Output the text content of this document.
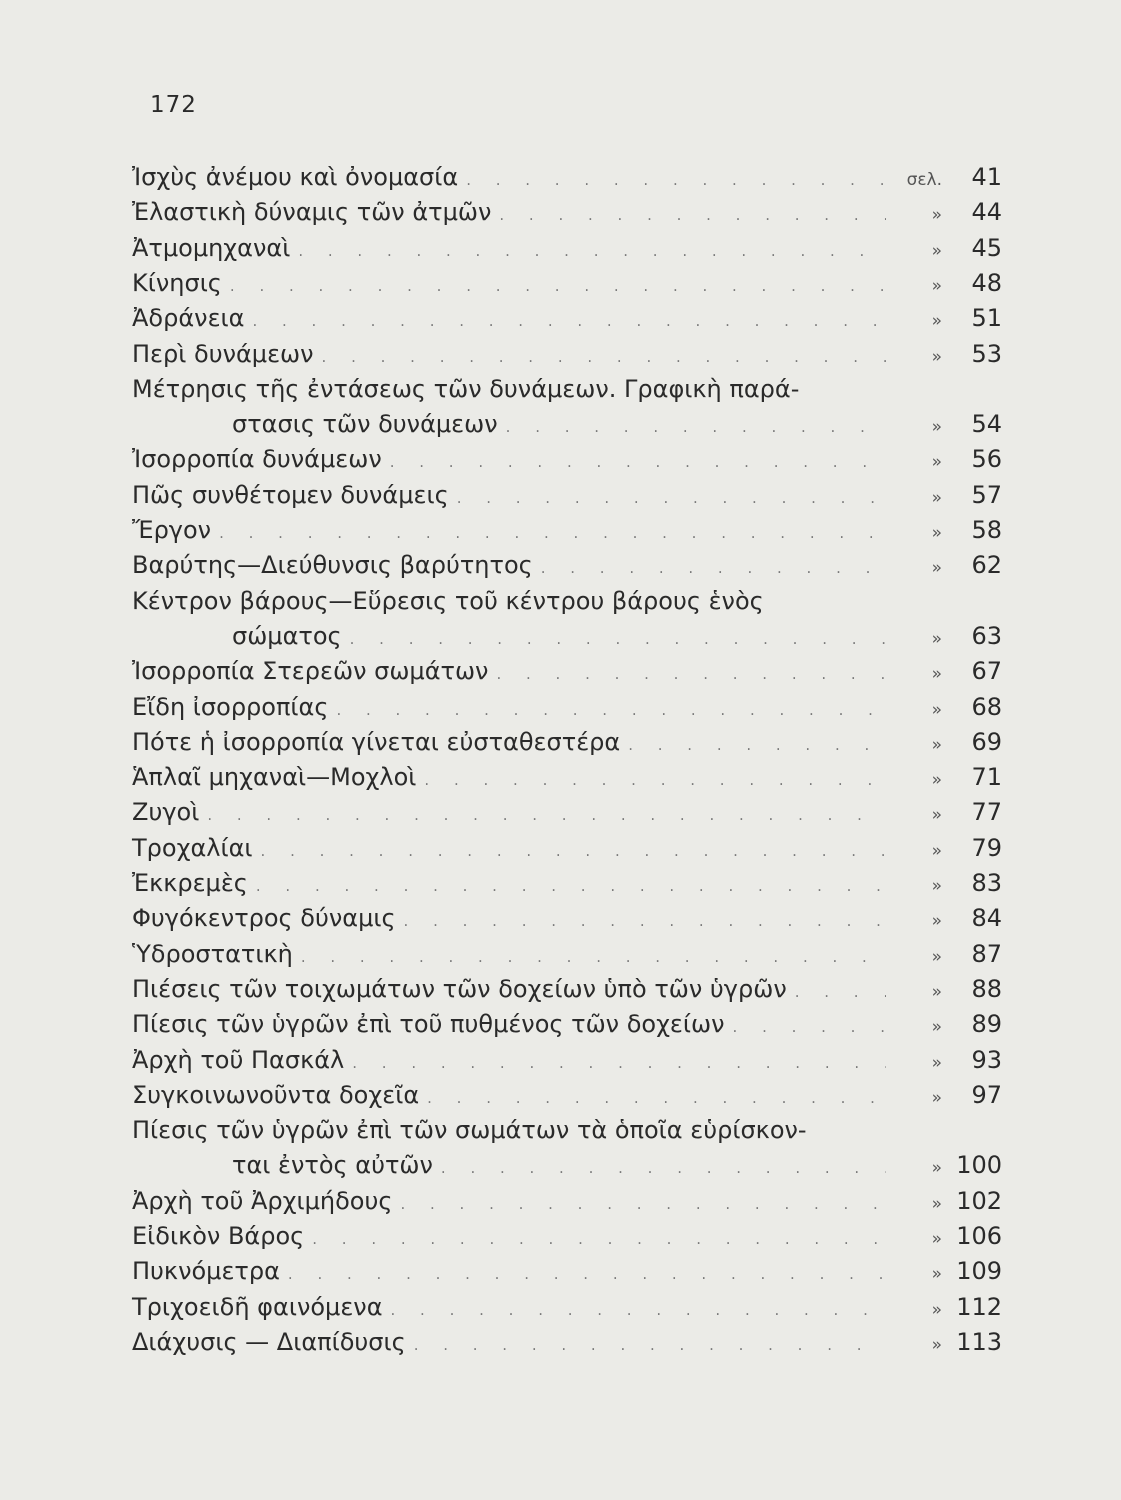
172
Ἰσχὺς ἀνέμου καὶ ὀνομασία . . .	σελ.	41
Ἐλαστικὴ δύναμις τῶν ἀτμῶν . . .	»	44
Ἀτμομηχαναὶ . . .	»	45
Κίνησις . . .	»	48
Ἀδράνεια . . .	»	51
Περὶ δυνάμεων . . .	»	53
Μέτρησις τῆς ἐντάσεως τῶν δυνάμεων. Γραφικὴ παρά-
στασις τῶν δυνάμεων . . .	»	54
Ἰσορροπία δυνάμεων . . .	»	56
Πῶς συνθέτομεν δυνάμεις . . .	»	57
Ἔργον . . .	»	58
Βαρύτης—Διεύθυνσις βαρύτητος . . .	»	62
Κέντρον βάρους—Εὕρεσις τοῦ κέντρου βάρους ἑνὸς
σώματος . . .	»	63
Ἰσορροπία Στερεῶν σωμάτων . . .	»	67
Εἴδη ἰσορροπίας . . .	»	68
Πότε ἡ ἰσορροπία γίνεται εὐσταθεστέρα . . .	»	69
Ἁπλαῖ μηχαναὶ—Μοχλοὶ . . .	»	71
Ζυγοὶ . . .	»	77
Τροχαλίαι . . .	»	79
Ἐκκρεμὲς . . .	»	83
Φυγόκεντρος δύναμις . . .	»	84
Ὑδροστατικὴ . . .	»	87
Πιέσεις τῶν τοιχωμάτων τῶν δοχείων ὑπὸ τῶν ὑγρῶν . . .	»	88
Πίεσις τῶν ὑγρῶν ἐπὶ τοῦ πυθμένος τῶν δοχείων . . .	»	89
Ἀρχὴ τοῦ Πασκάλ . . .	»	93
Συγκοινωνοῦντα δοχεῖα . . .	»	97
Πίεσις τῶν ὑγρῶν ἐπὶ τῶν σωμάτων τὰ ὁποῖα εὑρίσκον-
ται ἐντὸς αὐτῶν . . .	» 100
Ἀρχὴ τοῦ Ἀρχιμήδους . . .	» 102
Εἰδικὸν Βάρος . . .	» 106
Πυκνόμετρα . . .	» 109
Τριχοειδῆ φαινόμενα . . .	» 112
Διάχυσις — Διαπίδυσις . . .	» 113
